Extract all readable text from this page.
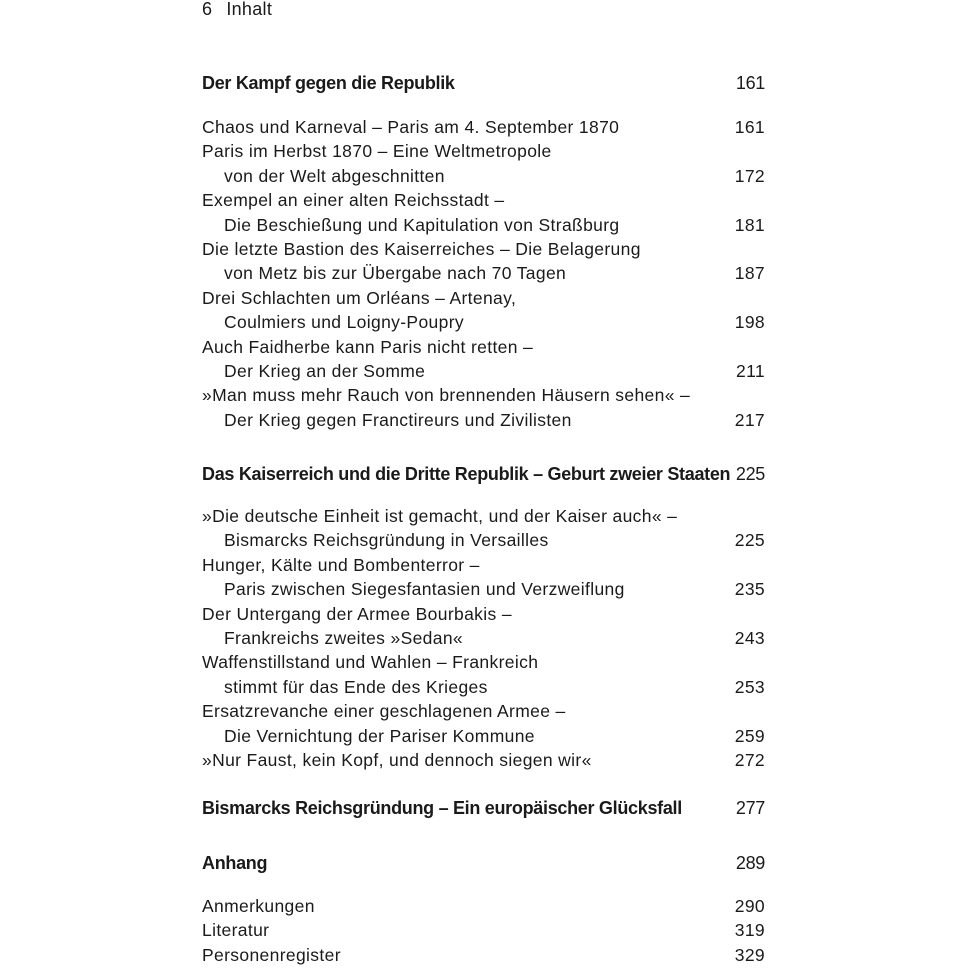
6 Inhalt
Der Kampf gegen die Republik	161
Chaos und Karneval – Paris am 4. September 1870	161
Paris im Herbst 1870 – Eine Weltmetropole
von der Welt abgeschnitten	172
Exempel an einer alten Reichsstadt –
Die Beschießung und Kapitulation von Straßburg	181
Die letzte Bastion des Kaiserreiches – Die Belagerung
von Metz bis zur Übergabe nach 70 Tagen	187
Drei Schlachten um Orléans – Artenay,
Coulmiers und Loigny-Poupry	198
Auch Faidherbe kann Paris nicht retten –
Der Krieg an der Somme	211
»Man muss mehr Rauch von brennenden Häusern sehen« –
Der Krieg gegen Franctireurs und Zivilisten	217
Das Kaiserreich und die Dritte Republik – Geburt zweier Staaten 225
»Die deutsche Einheit ist gemacht, und der Kaiser auch« –
Bismarcks Reichsgründung in Versailles	225
Hunger, Kälte und Bombenterror –
Paris zwischen Siegesfantasien und Verzweiflung	235
Der Untergang der Armee Bourbakis –
Frankreichs zweites »Sedan«	243
Waffenstillstand und Wahlen – Frankreich
stimmt für das Ende des Krieges	253
Ersatzrevanche einer geschlagenen Armee –
Die Vernichtung der Pariser Kommune	259
»Nur Faust, kein Kopf, und dennoch siegen wir«	272
Bismarcks Reichsgründung – Ein europäischer Glücksfall	277
Anhang	289
Anmerkungen	290
Literatur	319
Personenregister	329
